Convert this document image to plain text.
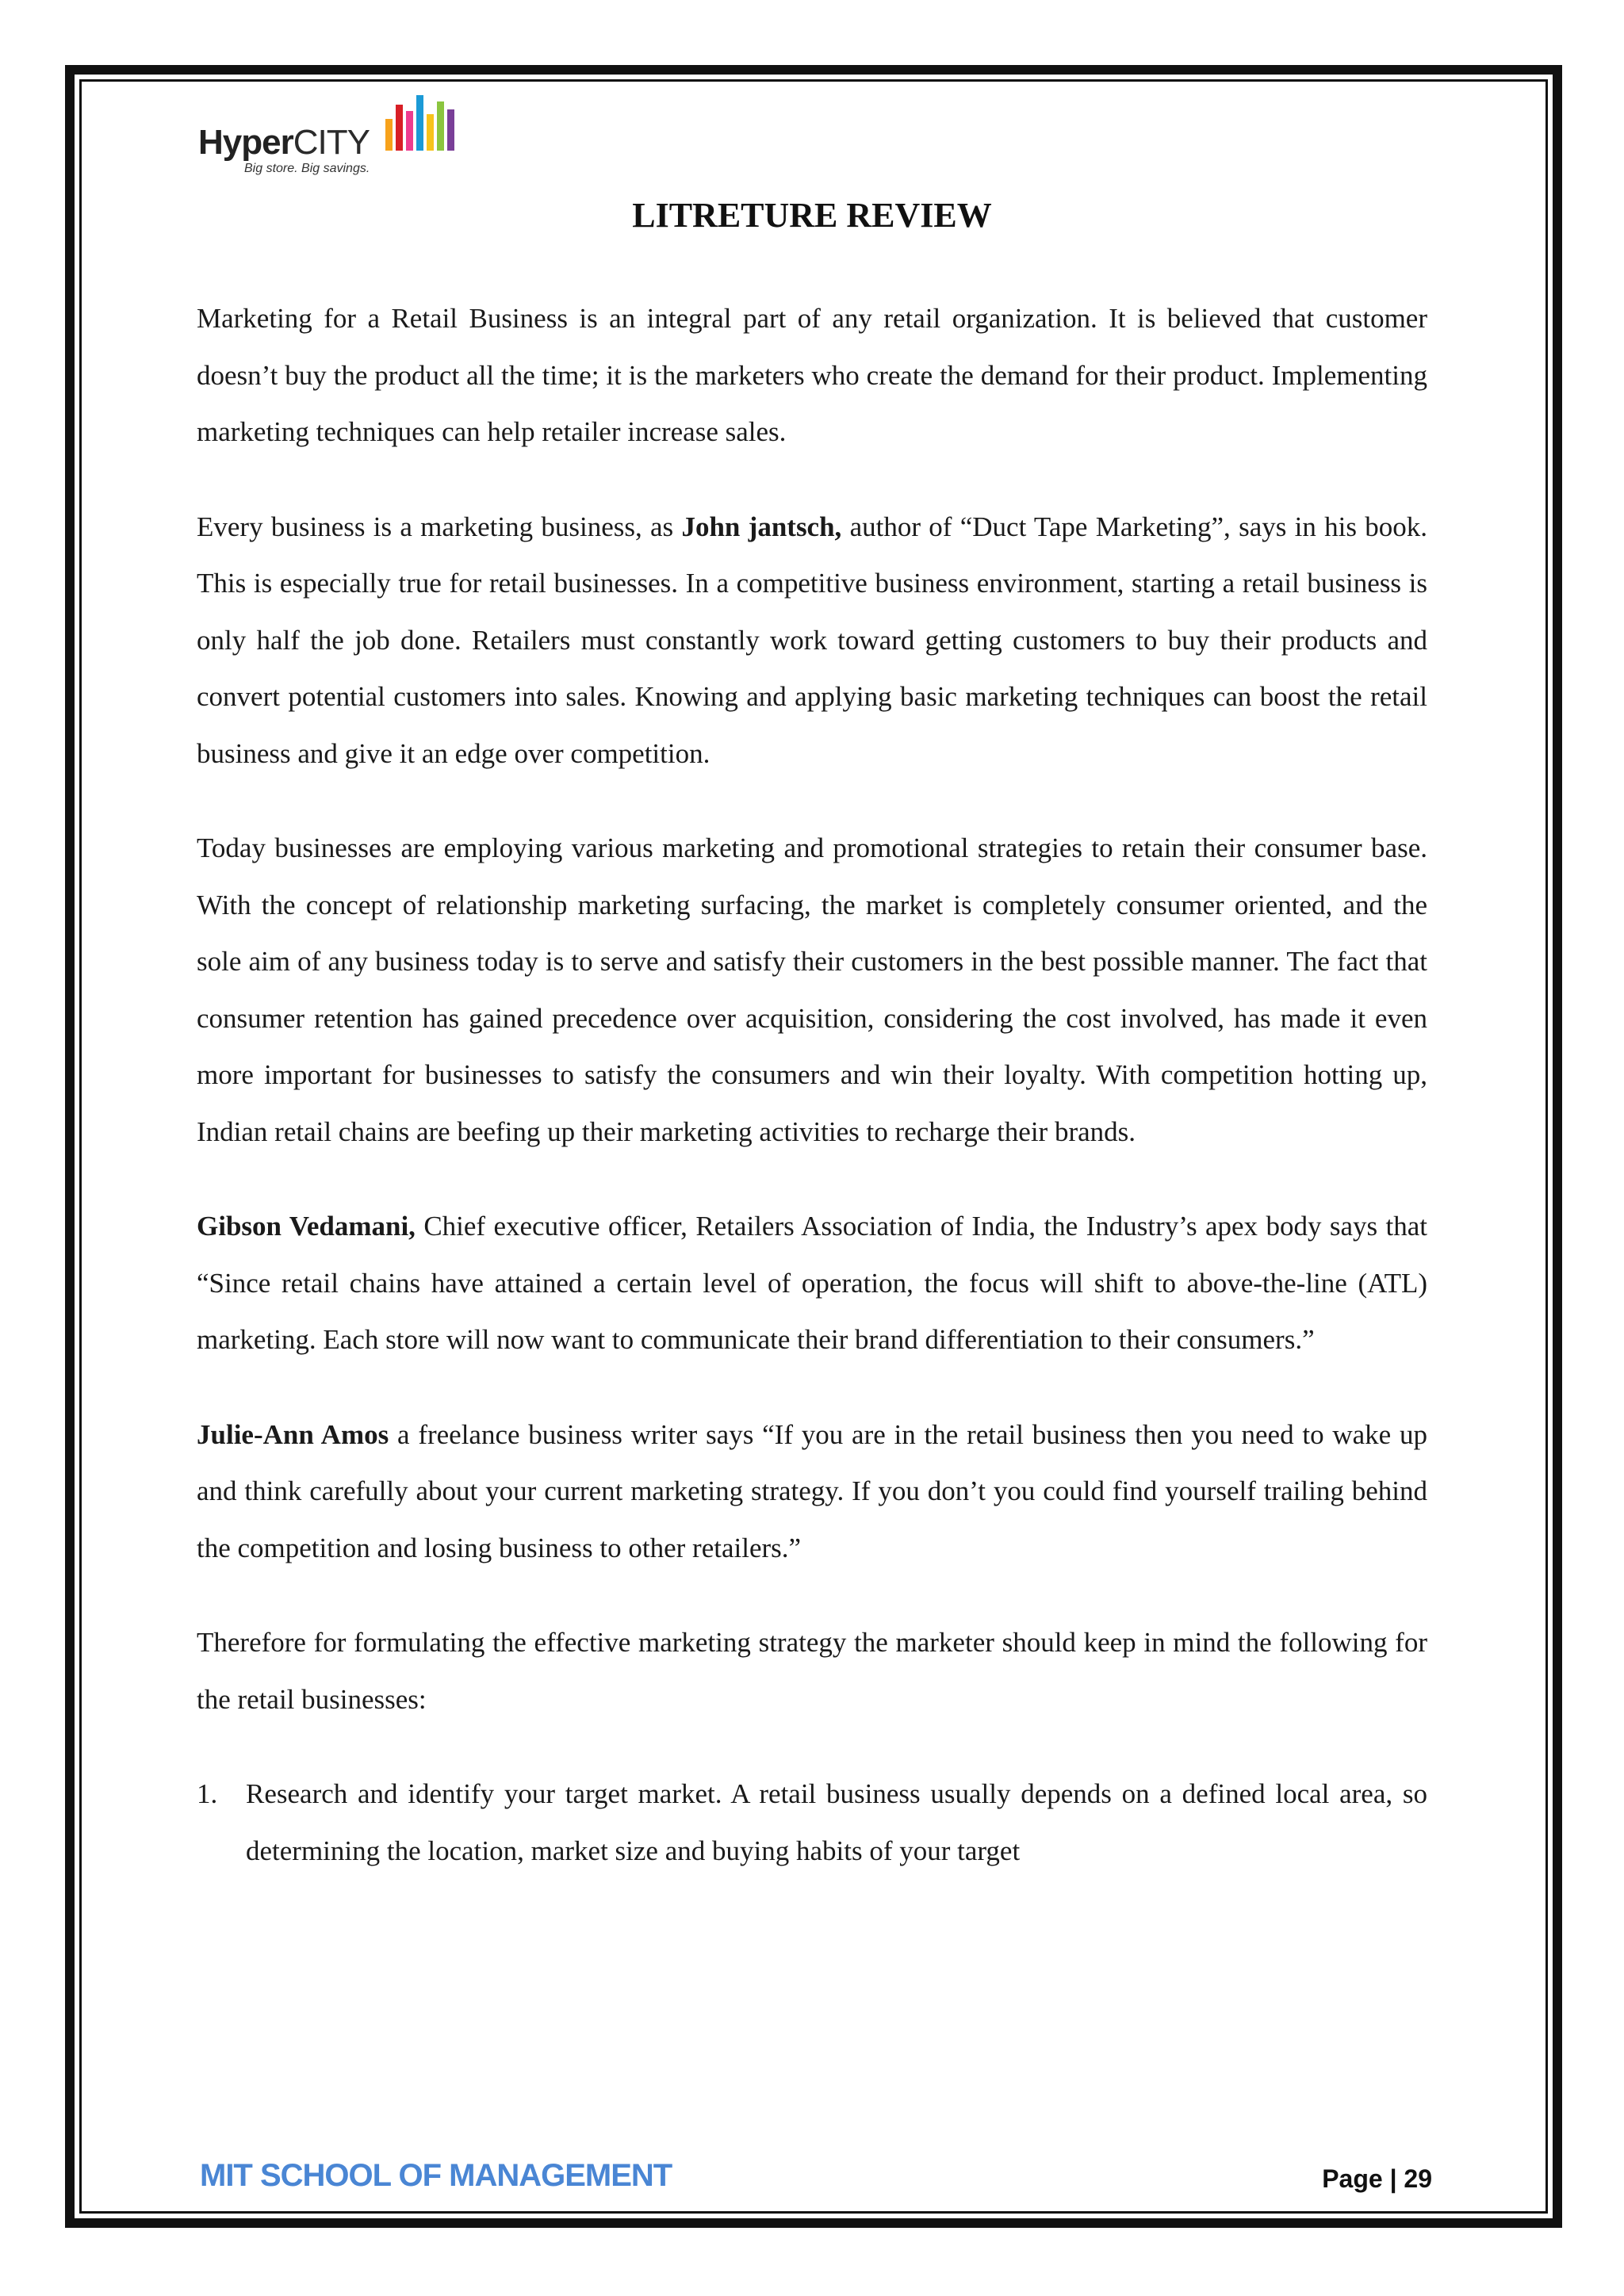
HyperCITY
Big store. Big savings.
LITRETURE REVIEW

Marketing for a Retail Business is an integral part of any retail organization. It is believed that customer doesn’t buy the product all the time; it is the marketers who create the demand for their product. Implementing marketing techniques can help retailer increase sales.

Every business is a marketing business, as John jantsch, author of “Duct Tape Marketing”, says in his book. This is especially true for retail businesses. In a competitive business environment, starting a retail business is only half the job done. Retailers must constantly work toward getting customers to buy their products and convert potential customers into sales. Knowing and applying basic marketing techniques can boost the retail business and give it an edge over competition.

Today businesses are employing various marketing and promotional strategies to retain their consumer base. With the concept of relationship marketing surfacing, the market is completely consumer oriented, and the sole aim of any business today is to serve and satisfy their customers in the best possible manner. The fact that consumer retention has gained precedence over acquisition, considering the cost involved, has made it even more important for businesses to satisfy the consumers and win their loyalty. With competition hotting up, Indian retail chains are beefing up their marketing activities to recharge their brands.

Gibson Vedamani, Chief executive officer, Retailers Association of India, the Industry’s apex body says that “Since retail chains have attained a certain level of operation, the focus will shift to above-the-line (ATL) marketing. Each store will now want to communicate their brand differentiation to their consumers.”

Julie-Ann Amos a freelance business writer says “If you are in the retail business then you need to wake up and think carefully about your current marketing strategy. If you don’t you could find yourself trailing behind the competition and losing business to other retailers.”

Therefore for formulating the effective marketing strategy the marketer should keep in mind the following for the retail businesses:

1. Research and identify your target market. A retail business usually depends on a defined local area, so determining the location, market size and buying habits of your target
MIT SCHOOL OF MANAGEMENT	Page | 29
